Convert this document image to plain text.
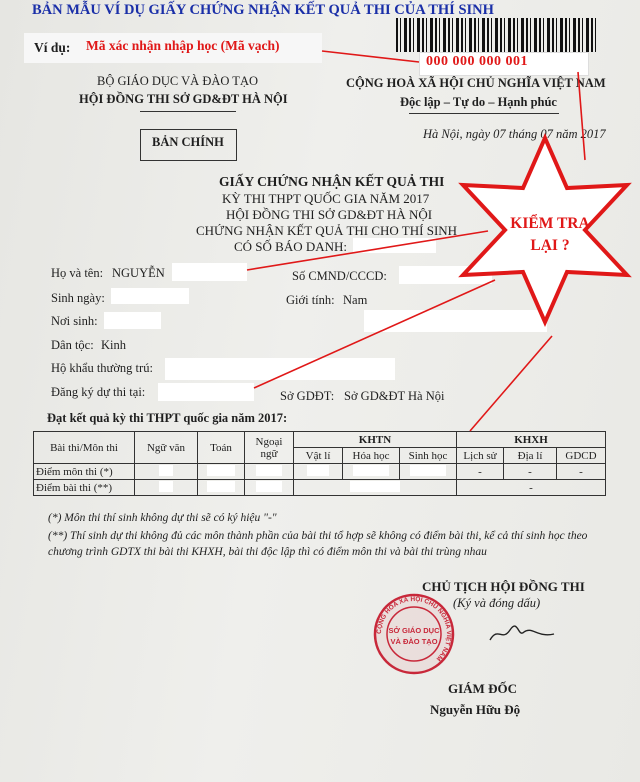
BẢN MẪU VÍ DỤ GIẤY CHỨNG NHẬN KẾT QUẢ THI CỦA THÍ SINH
Ví dụ: Mã xác nhận nhập học (Mã vạch)
000 000 000 001
BỘ GIÁO DỤC VÀ ĐÀO TẠO
HỘI ĐỒNG THI SỞ GD&ĐT HÀ NỘI
BẢN CHÍNH
CỘNG HOÀ XÃ HỘI CHỦ NGHĨA VIỆT NAM
Độc lập – Tự do – Hạnh phúc
Hà Nội, ngày 07 tháng 07 năm 2017
GIẤY CHỨNG NHẬN KẾT QUẢ THI
KỲ THI THPT QUỐC GIA NĂM 2017
HỘI ĐỒNG THI SỞ GD&ĐT HÀ NỘI
CHỨNG NHẬN KẾT QUẢ THI CHO THÍ SINH
CÓ SỐ BÁO DANH:
Họ và tên: NGUYỄN	Số CMND/CCCD:
Sinh ngày:	Giới tính: Nam
Nơi sinh:
Dân tộc: Kinh
Hộ khẩu thường trú:
Đăng ký dự thi tại:	Sở GDĐT: Sở GD&ĐT Hà Nội
Đạt kết quả kỳ thi THPT quốc gia năm 2017:
Bài thi/Môn thi	Ngữ văn	Toán	Ngoại
ngữ	KHTN			KHXH		
				Vật lí	Hóa học	Sinh học	Lịch sử	Địa lí	GDCD
Điểm môn thi (*)							-	-	-
Điểm bài thi (**)							-		
(*) Môn thi thí sinh không dự thi sẽ có ký hiệu "-"
(**) Thí sinh dự thi không đủ các môn thành phần của bài thi tổ hợp sẽ không có điểm bài thi, kể cả thí sinh học theo chương trình GDTX thi bài thi KHXH, bài thi độc lập thì có điểm môn thi và bài thi trùng nhau
CHỦ TỊCH HỘI ĐỒNG THI
(Ký và đóng dấu)
GIÁM ĐỐC
Nguyễn Hữu Độ
CỘNG HÒA XÃ HỘI CHỦ NGHĨA VIỆT NAM
SỞ GIÁO DỤC
VÀ ĐÀO TẠO
KIỂM TRA
LẠI ?
